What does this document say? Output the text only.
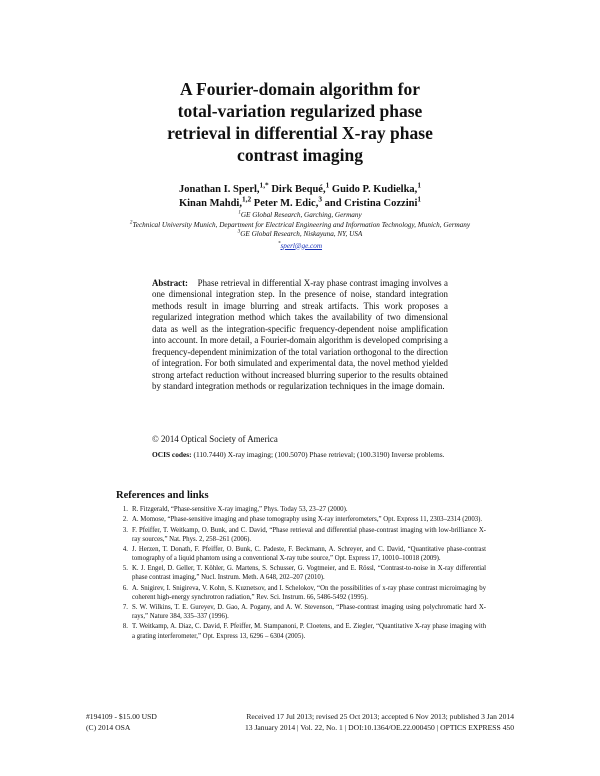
A Fourier-domain algorithm for
total-variation regularized phase
retrieval in differential X-ray phase
contrast imaging
Jonathan I. Sperl,$^{1,*}$ Dirk Bequé,$^1$ Guido P. Kudielka,$^1$
Kinan Mahdi,$^{1,2}$ Peter M. Edic,$^3$ and Cristina Cozzini$^1$
$^1$GE Global Research, Garching, Germany
$^2$Technical University Munich, Department for Electrical Engineering and Information Technology, Munich, Germany
$^3$GE Global Research, Niskayuna, NY, USA
*sperl@ge.com
Abstract: Phase retrieval in differential X-ray phase contrast imaging involves a one dimensional integration step. In the presence of noise, standard integration methods result in image blurring and streak artifacts. This work proposes a regularized integration method which takes the availability of two dimensional data as well as the integration-specific frequency-dependent noise amplification into account. In more detail, a Fourier-domain algorithm is developed comprising a frequency-dependent minimization of the total variation orthogonal to the direction of integration. For both simulated and experimental data, the novel method yielded strong artefact reduction without increased blurring superior to the results obtained by standard integration methods or regularization techniques in the image domain.
© 2014 Optical Society of America
OCIS codes: (110.7440) X-ray imaging; (100.5070) Phase retrieval; (100.3190) Inverse problems.
References and links
1. R. Fitzgerald, “Phase-sensitive X-ray imaging,” Phys. Today 53, 23–27 (2000).
2. A. Momose, “Phase-sensitive imaging and phase tomography using X-ray interferometers,” Opt. Express 11, 2303–2314 (2003).
3. F. Pfeiffer, T. Weitkamp, O. Bunk, and C. David, “Phase retrieval and differential phase-contrast imaging with low-brilliance X-ray sources,” Nat. Phys. 2, 258–261 (2006).
4. J. Herzen, T. Donath, F. Pfeiffer, O. Bunk, C. Padeste, F. Beckmann, A. Schreyer, and C. David, “Quantitative phase-contrast tomography of a liquid phantom using a conventional X-ray tube source,” Opt. Express 17, 10010–10018 (2009).
5. K. J. Engel, D. Geller, T. Köhler, G. Martens, S. Schusser, G. Vogtmeier, and E. Rössl, “Contrast-to-noise in X-ray differential phase contrast imaging,” Nucl. Instrum. Meth. A 648, 202–207 (2010).
6. A. Snigirev, I. Snigireva, V. Kohn, S. Kuznetsov, and I. Schelokov, “On the possibilities of x-ray phase contrast microimaging by coherent high-energy synchrotron radiation,” Rev. Sci. Instrum. 66, 5486-5492 (1995).
7. S. W. Wilkins, T. E. Gureyev, D. Gao, A. Pogany, and A. W. Stevenson, “Phase-contrast imaging using polychromatic hard X-rays,” Nature 384, 335–337 (1996).
8. T. Weitkamp, A. Diaz, C. David, F. Pfeiffer, M. Stampanoni, P. Cloetens, and E. Ziegler, “Quantitative X-ray phase imaging with a grating interferometer,” Opt. Express 13, 6296 – 6304 (2005).
#194109 - $15.00 USD	Received 17 Jul 2013; revised 25 Oct 2013; accepted 6 Nov 2013; published 3 Jan 2014
(C) 2014 OSA	13 January 2014 | Vol. 22, No. 1 | DOI:10.1364/OE.22.000450 | OPTICS EXPRESS 450
